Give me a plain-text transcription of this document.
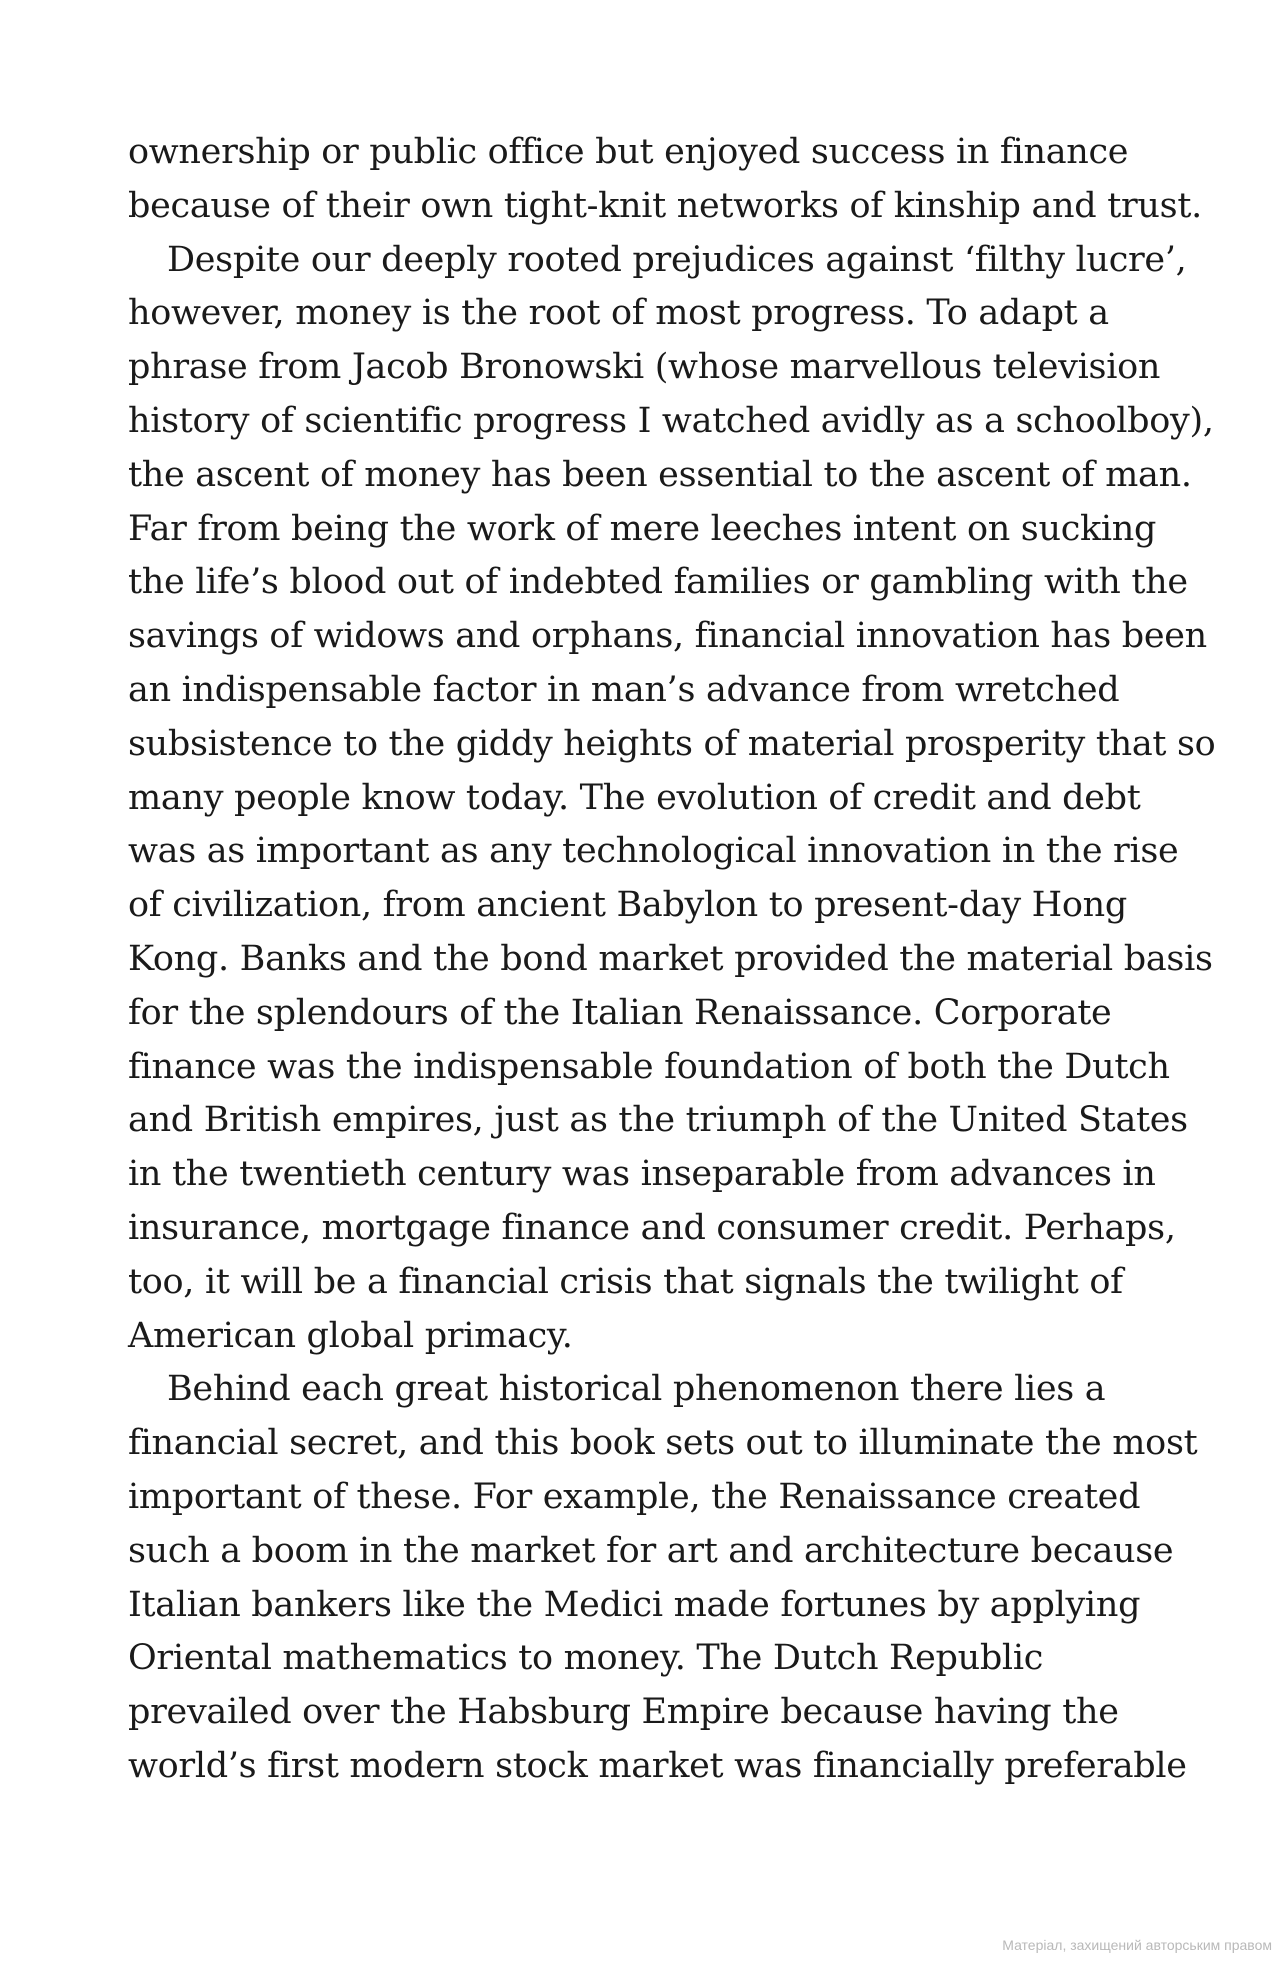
ownership or public office but enjoyed success in finance
because of their own tight-knit networks of kinship and trust.
Despite our deeply rooted prejudices against ‘filthy lucre’,
however, money is the root of most progress. To adapt a
phrase from Jacob Bronowski (whose marvellous television
history of scientific progress I watched avidly as a schoolboy),
the ascent of money has been essential to the ascent of man.
Far from being the work of mere leeches intent on sucking
the life’s blood out of indebted families or gambling with the
savings of widows and orphans, financial innovation has been
an indispensable factor in man’s advance from wretched
subsistence to the giddy heights of material prosperity that so
many people know today. The evolution of credit and debt
was as important as any technological innovation in the rise
of civilization, from ancient Babylon to present-day Hong
Kong. Banks and the bond market provided the material basis
for the splendours of the Italian Renaissance. Corporate
finance was the indispensable foundation of both the Dutch
and British empires, just as the triumph of the United States
in the twentieth century was inseparable from advances in
insurance, mortgage finance and consumer credit. Perhaps,
too, it will be a financial crisis that signals the twilight of
American global primacy.
Behind each great historical phenomenon there lies a
financial secret, and this book sets out to illuminate the most
important of these. For example, the Renaissance created
such a boom in the market for art and architecture because
Italian bankers like the Medici made fortunes by applying
Oriental mathematics to money. The Dutch Republic
prevailed over the Habsburg Empire because having the
world’s first modern stock market was financially preferable
Матеріал, захищений авторським правом
